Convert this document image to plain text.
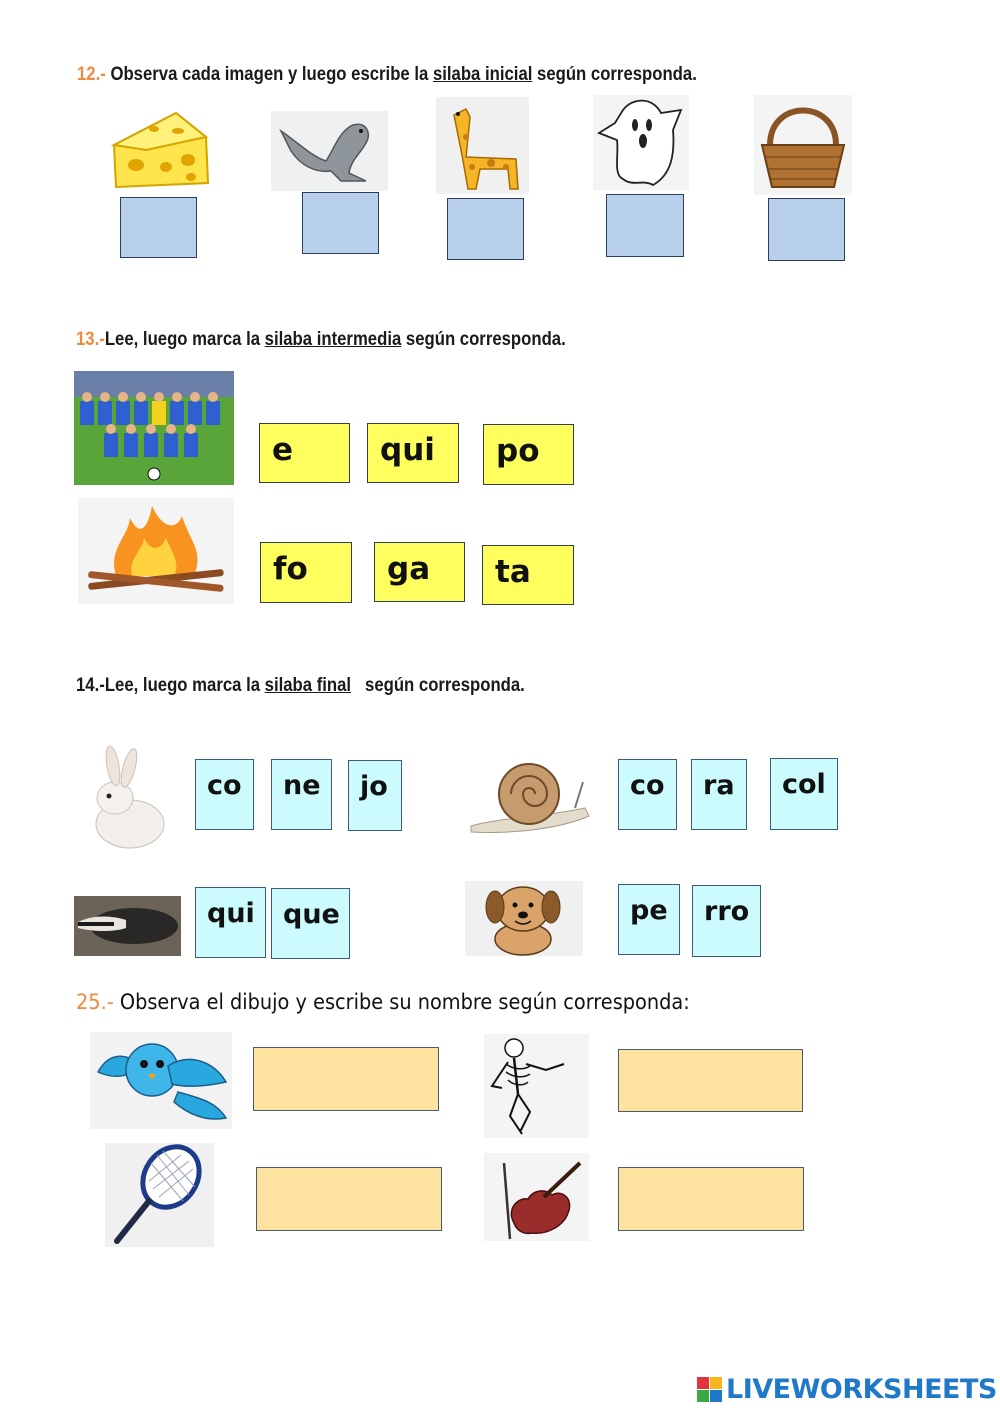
12.- Observa cada imagen y luego escribe la silaba inicial según corresponda.
13.-Lee, luego marca la silaba intermedia según corresponda.
e	qui	po
fo	ga	ta
14.-Lee, luego marca la silaba final según corresponda.
co	ne	jo	co	ra	col
qui	que	pe	rro
25.- Observa el dibujo y escribe su nombre según corresponda:
LIVEWORKSHEETS
